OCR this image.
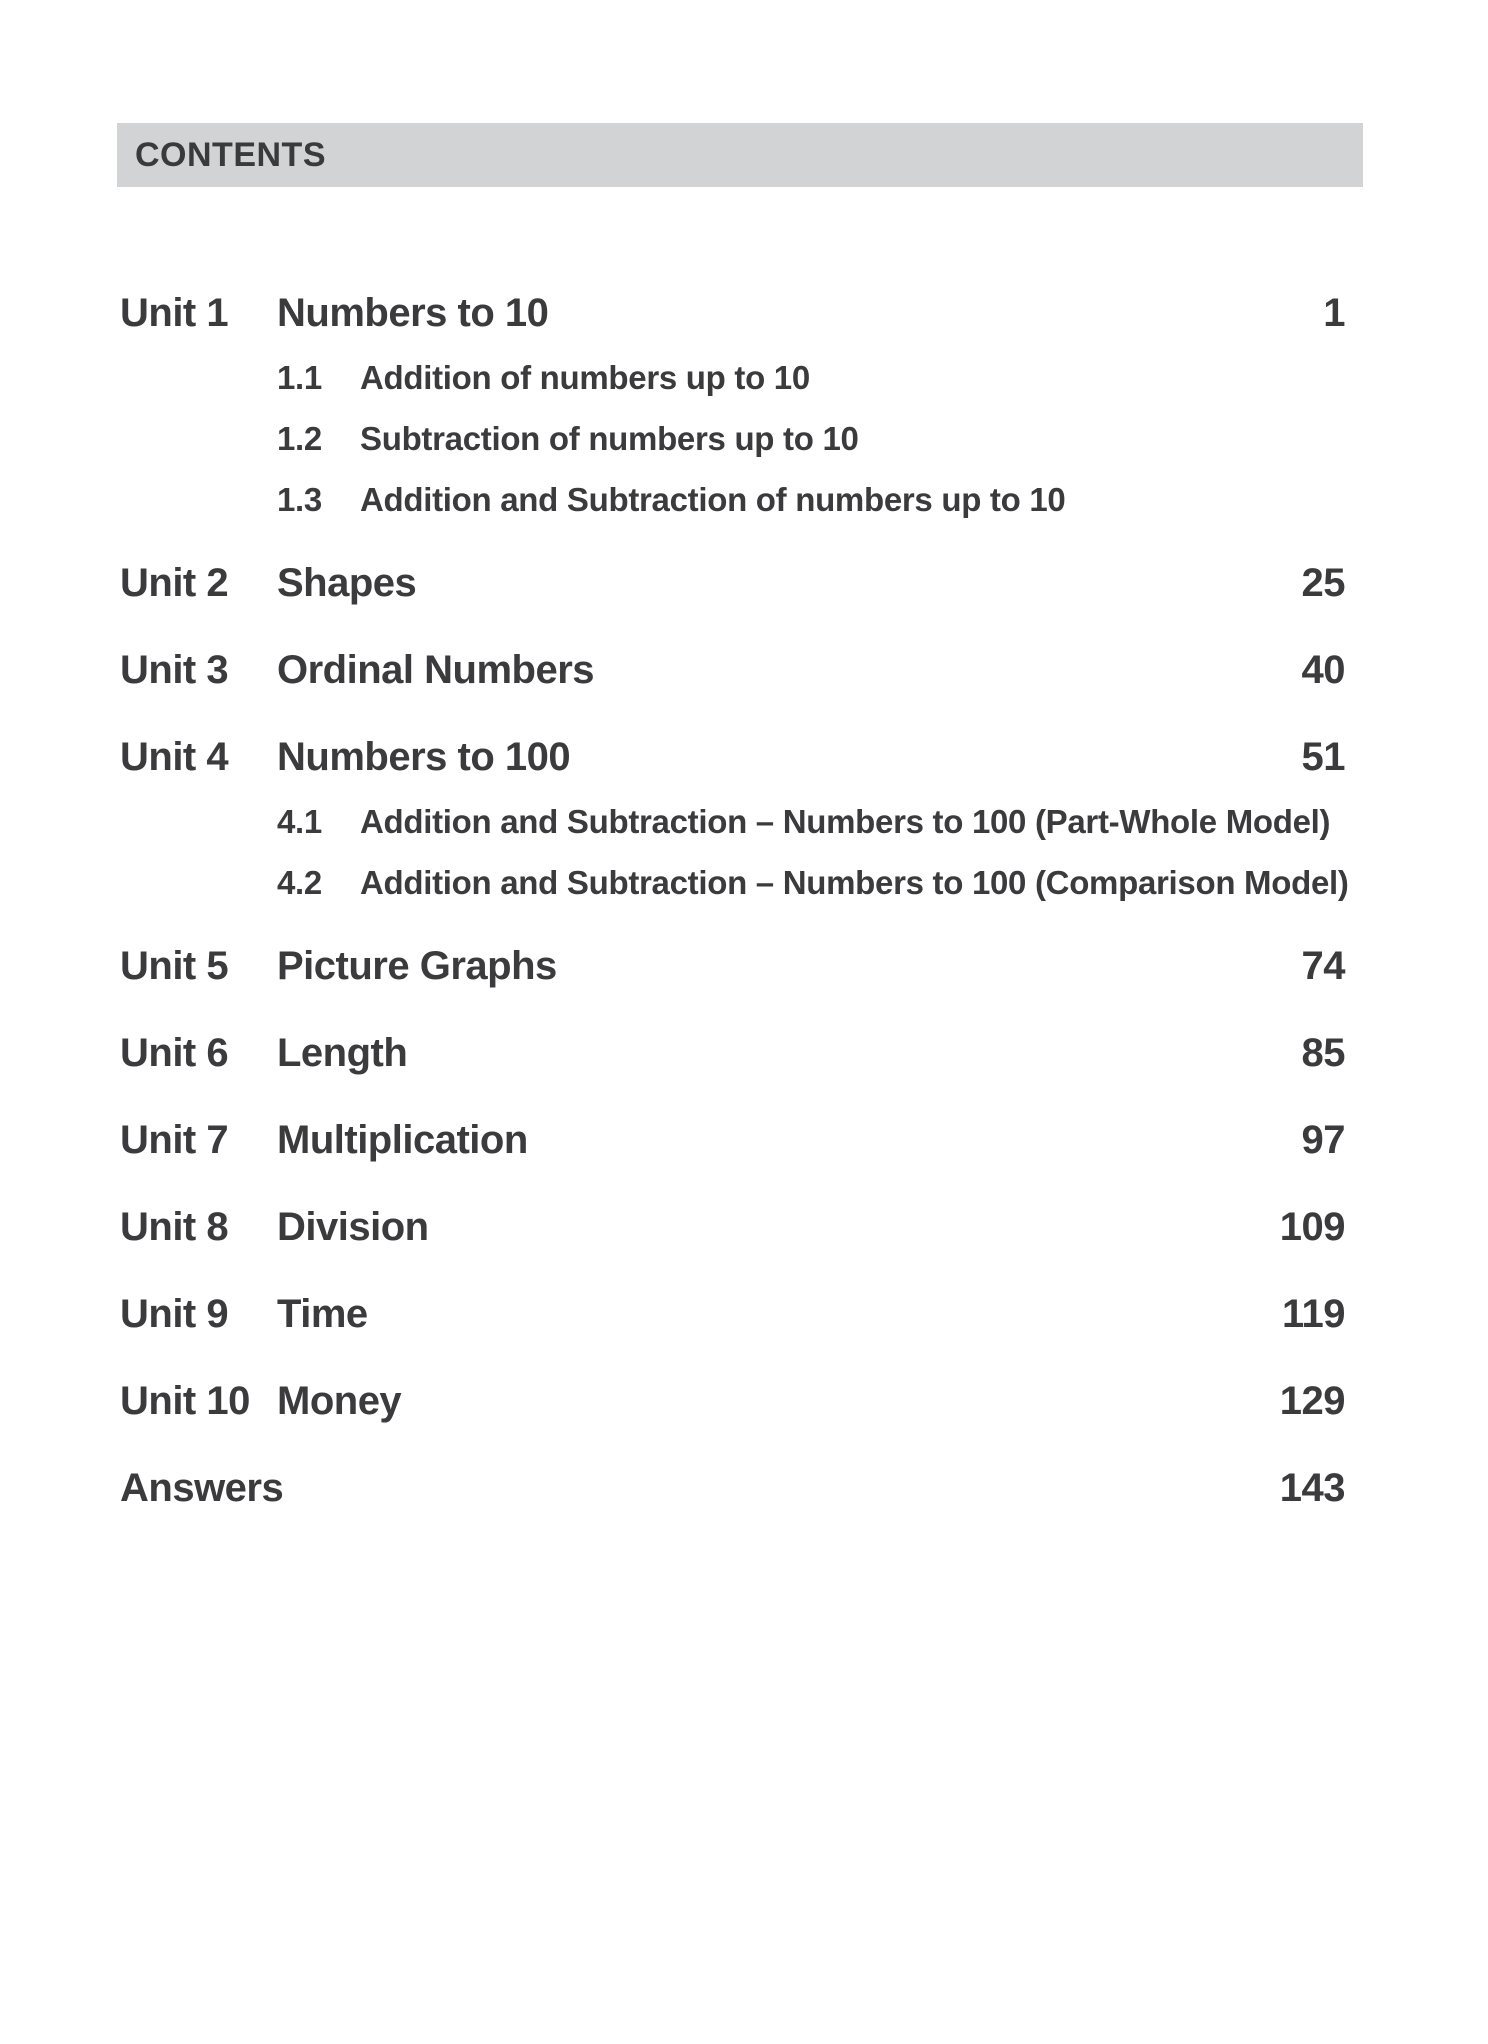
CONTENTS
Unit 1	Numbers to 10	1
1.1	Addition of numbers up to 10
1.2	Subtraction of numbers up to 10
1.3	Addition and Subtraction of numbers up to 10
Unit 2	Shapes	25
Unit 3	Ordinal Numbers	40
Unit 4	Numbers to 100	51
4.1	Addition and Subtraction – Numbers to 100 (Part-Whole Model)
4.2	Addition and Subtraction – Numbers to 100 (Comparison Model)
Unit 5	Picture Graphs	74
Unit 6	Length	85
Unit 7	Multiplication	97
Unit 8	Division	109
Unit 9	Time	119
Unit 10 Money	129
Answers	143
